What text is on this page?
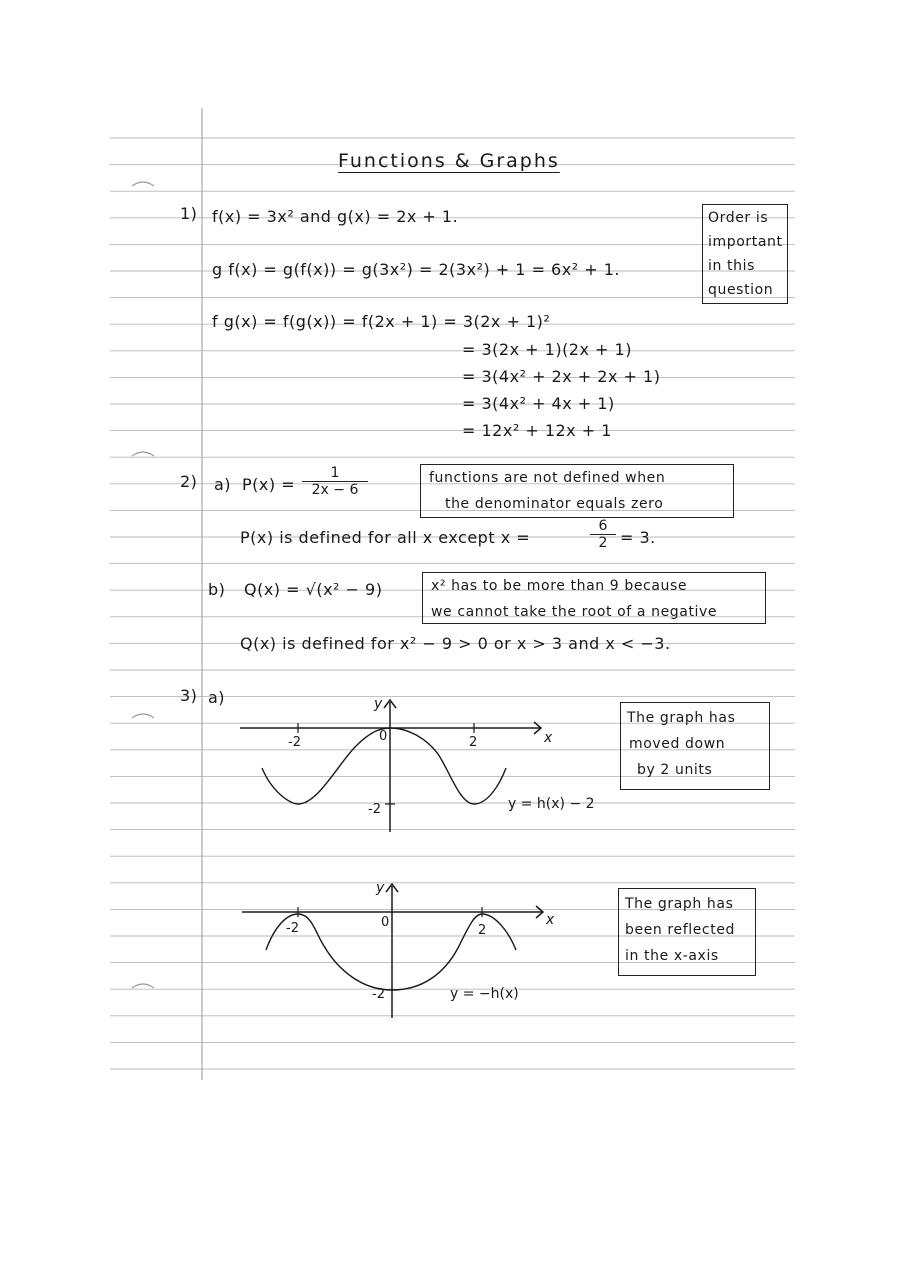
Functions & Graphs
1) f(x) = 3x² and g(x) = 2x + 1.
g f(x) = g(f(x)) = g(3x²) = 2(3x²) + 1 = 6x² + 1.
f g(x) = f(g(x)) = f(2x + 1) = 3(2x + 1)²
= 3(2x + 1)(2x + 1)
= 3(4x² + 2x + 2x + 1)
= 3(4x² + 4x + 1)
= 12x² + 12x + 1
Order is
important
in this
question
2) a) $P(x) = \frac{1}{2x - 6}$	functions are not defined when
the denominator equals zero
P(x) is defined for all x except x =	$\frac{6}{2} = 3$.
b) Q(x) = √(x² − 9)	x² has to be more than 9 because
we cannot take the root of a negative
Q(x) is defined for x² − 9 > 0 or x > 3 and x < −3.
3) a)
-2	0	2
-2
x
y
y = h(x) − 2
The graph has
moved down
by 2 units
-2	0
2
-2
x
y
y = −h(x)
The graph has
been reflected
in the x-axis
